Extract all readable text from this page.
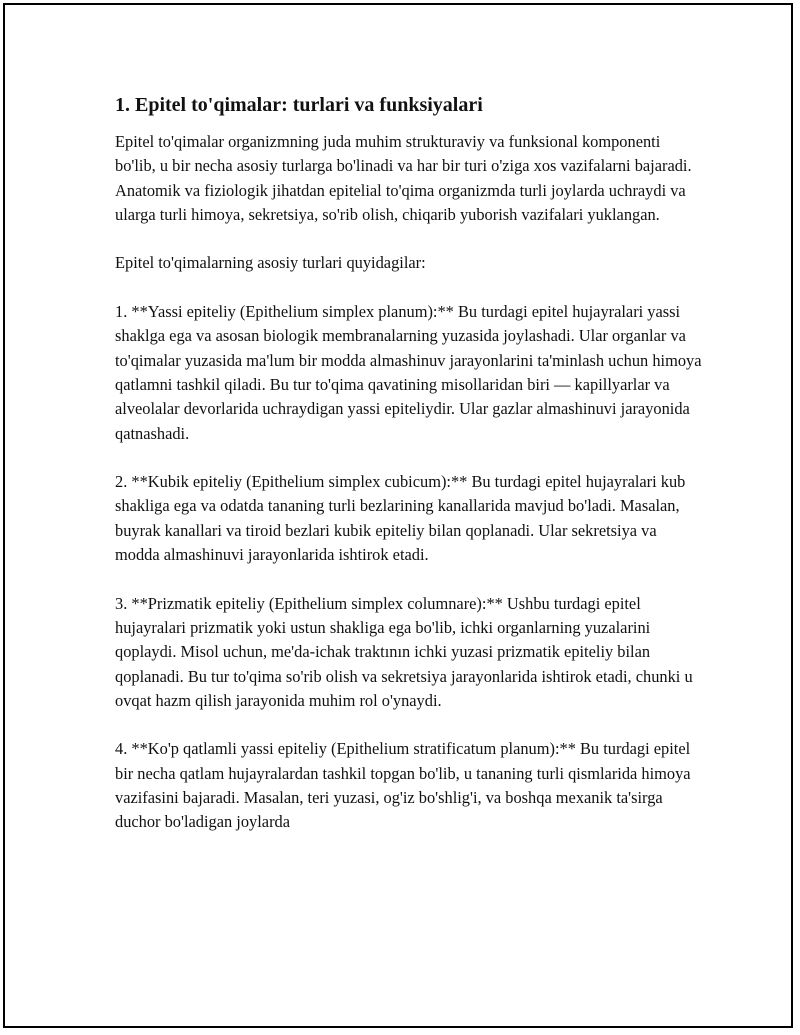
1. Epitel to'qimalar: turlari va funksiyalari

Epitel to'qimalar organizmning juda muhim strukturaviy va funksional komponenti bo'lib, u bir necha asosiy turlarga bo'linadi va har bir turi o'ziga xos vazifalarni bajaradi. Anatomik va fiziologik jihatdan epitelial to'qima organizmda turli joylarda uchraydi va ularga turli himoya, sekretsiya, so'rib olish, chiqarib yuborish vazifalari yuklangan.

Epitel to'qimalarning asosiy turlari quyidagilar:

1. **Yassi epiteliy (Epithelium simplex planum):** Bu turdagi epitel hujayralari yassi shaklga ega va asosan biologik membranalarning yuzasida joylashadi. Ular organlar va to'qimalar yuzasida ma'lum bir modda almashinuv jarayonlarini ta'minlash uchun himoya qatlamni tashkil qiladi. Bu tur to'qima qavatining misollaridan biri — kapillyarlar va alveolalar devorlarida uchraydigan yassi epiteliydir. Ular gazlar almashinuvi jarayonida qatnashadi.

2. **Kubik epiteliy (Epithelium simplex cubicum):** Bu turdagi epitel hujayralari kub shakliga ega va odatda tananing turli bezlarining kanallarida mavjud bo'ladi. Masalan, buyrak kanallari va tiroid bezlari kubik epiteliy bilan qoplanadi. Ular sekretsiya va modda almashinuvi jarayonlarida ishtirok etadi.

3. **Prizmatik epiteliy (Epithelium simplex columnare):** Ushbu turdagi epitel hujayralari prizmatik yoki ustun shakliga ega bo'lib, ichki organlarning yuzalarini qoplaydi. Misol uchun, me'da-ichak traktının ichki yuzasi prizmatik epiteliy bilan qoplanadi. Bu tur to'qima so'rib olish va sekretsiya jarayonlarida ishtirok etadi, chunki u ovqat hazm qilish jarayonida muhim rol o'ynaydi.

4. **Ko'p qatlamli yassi epiteliy (Epithelium stratificatum planum):** Bu turdagi epitel bir necha qatlam hujayralardan tashkil topgan bo'lib, u tananing turli qismlarida himoya vazifasini bajaradi. Masalan, teri yuzasi, og'iz bo'shlig'i, va boshqa mexanik ta'sirga duchor bo'ladigan joylarda
